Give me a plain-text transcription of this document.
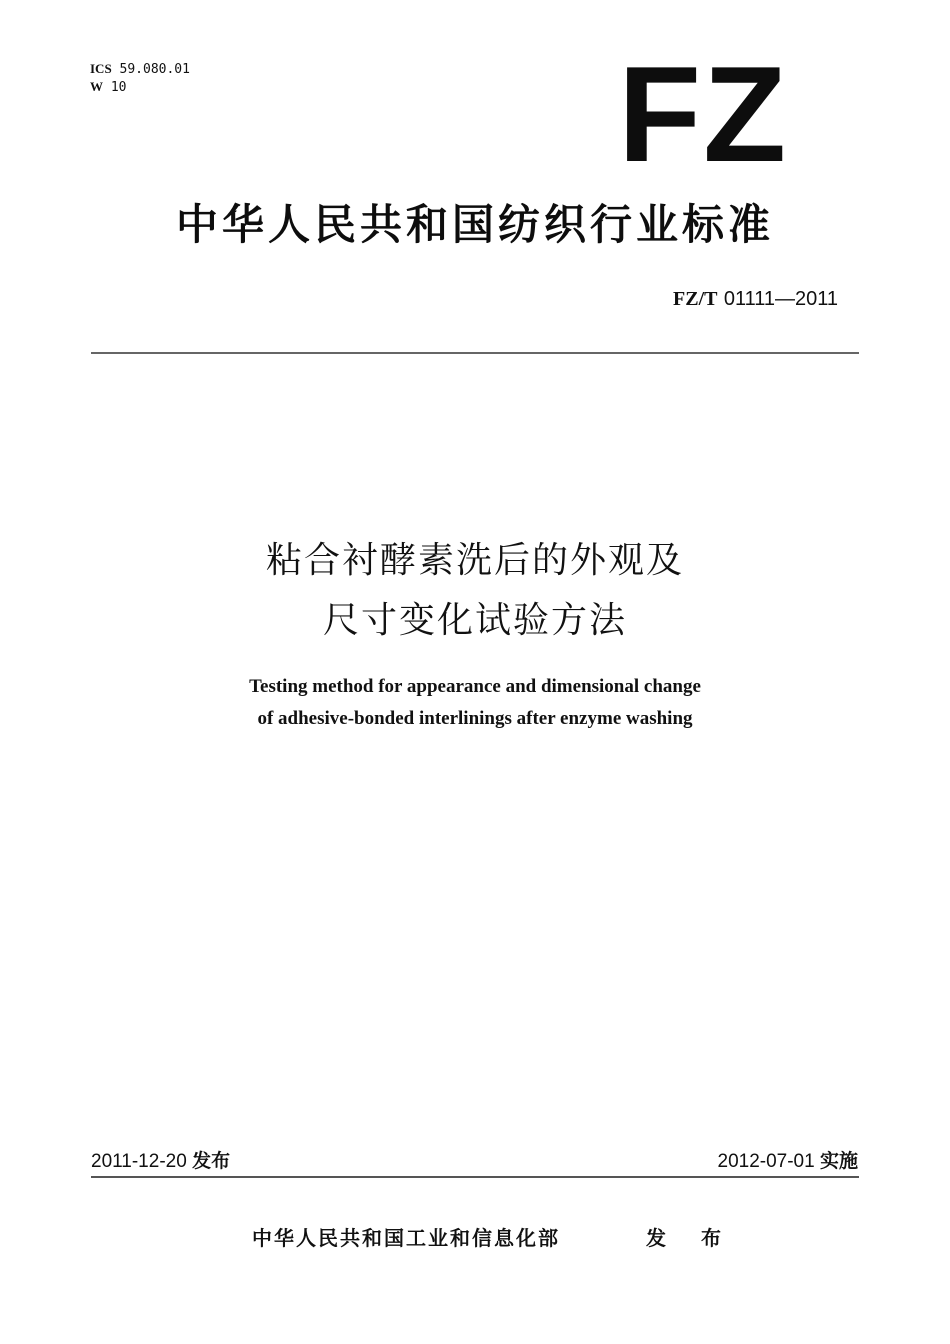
ICS 59.080.01
W 10	FZ
中华人民共和国纺织行业标准
FZ/T 01111—2011
粘合衬酵素洗后的外观及
尺寸变化试验方法
Testing method for appearance and dimensional change
of adhesive-bonded interlinings after enzyme washing
2011-12-20 发布	2012-07-01 实施
中华人民共和国工业和信息化部	发 布
